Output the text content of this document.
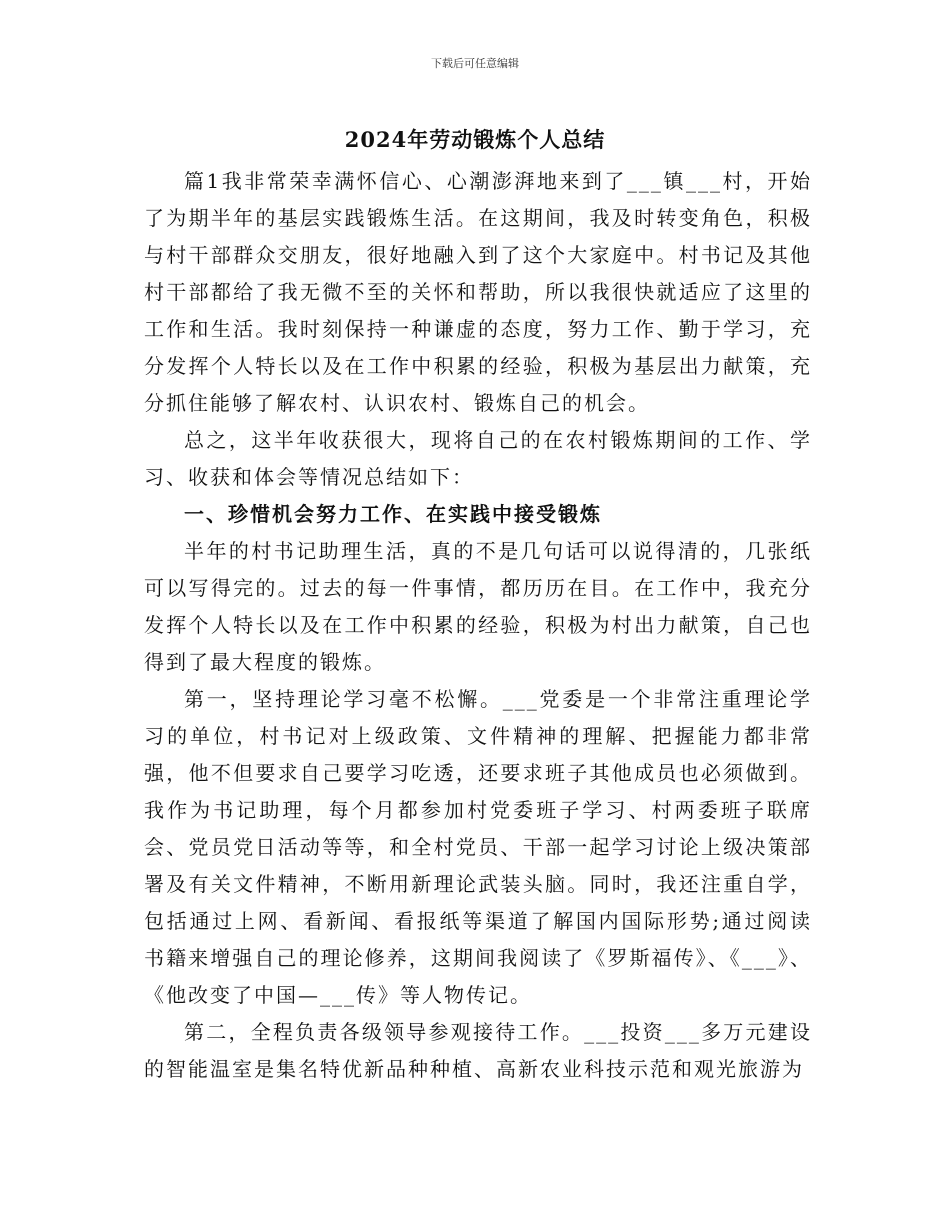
下载后可任意编辑
2024年劳动锻炼个人总结

篇1我非常荣幸满怀信心、心潮澎湃地来到了___镇___村，开始了为期半年的基层实践锻炼生活。在这期间，我及时转变角色，积极与村干部群众交朋友，很好地融入到了这个大家庭中。村书记及其他村干部都给了我无微不至的关怀和帮助，所以我很快就适应了这里的工作和生活。我时刻保持一种谦虚的态度，努力工作、勤于学习，充分发挥个人特长以及在工作中积累的经验，积极为基层出力献策，充分抓住能够了解农村、认识农村、锻炼自己的机会。

总之，这半年收获很大，现将自己的在农村锻炼期间的工作、学习、收获和体会等情况总结如下：

一、珍惜机会努力工作、在实践中接受锻炼

半年的村书记助理生活，真的不是几句话可以说得清的，几张纸可以写得完的。过去的每一件事情，都历历在目。在工作中，我充分发挥个人特长以及在工作中积累的经验，积极为村出力献策，自己也得到了最大程度的锻炼。

第一，坚持理论学习毫不松懈。___党委是一个非常注重理论学习的单位，村书记对上级政策、文件精神的理解、把握能力都非常强，他不但要求自己要学习吃透，还要求班子其他成员也必须做到。我作为书记助理，每个月都参加村党委班子学习、村两委班子联席会、党员党日活动等等，和全村党员、干部一起学习讨论上级决策部署及有关文件精神，不断用新理论武装头脑。同时，我还注重自学，包括通过上网、看新闻、看报纸等渠道了解国内国际形势;通过阅读书籍来增强自己的理论修养，这期间我阅读了《罗斯福传》、《___》、《他改变了中国—___传》等人物传记。

第二，全程负责各级领导参观接待工作。___投资___多万元建设的智能温室是集名特优新品种种植、高新农业科技示范和观光旅游为
